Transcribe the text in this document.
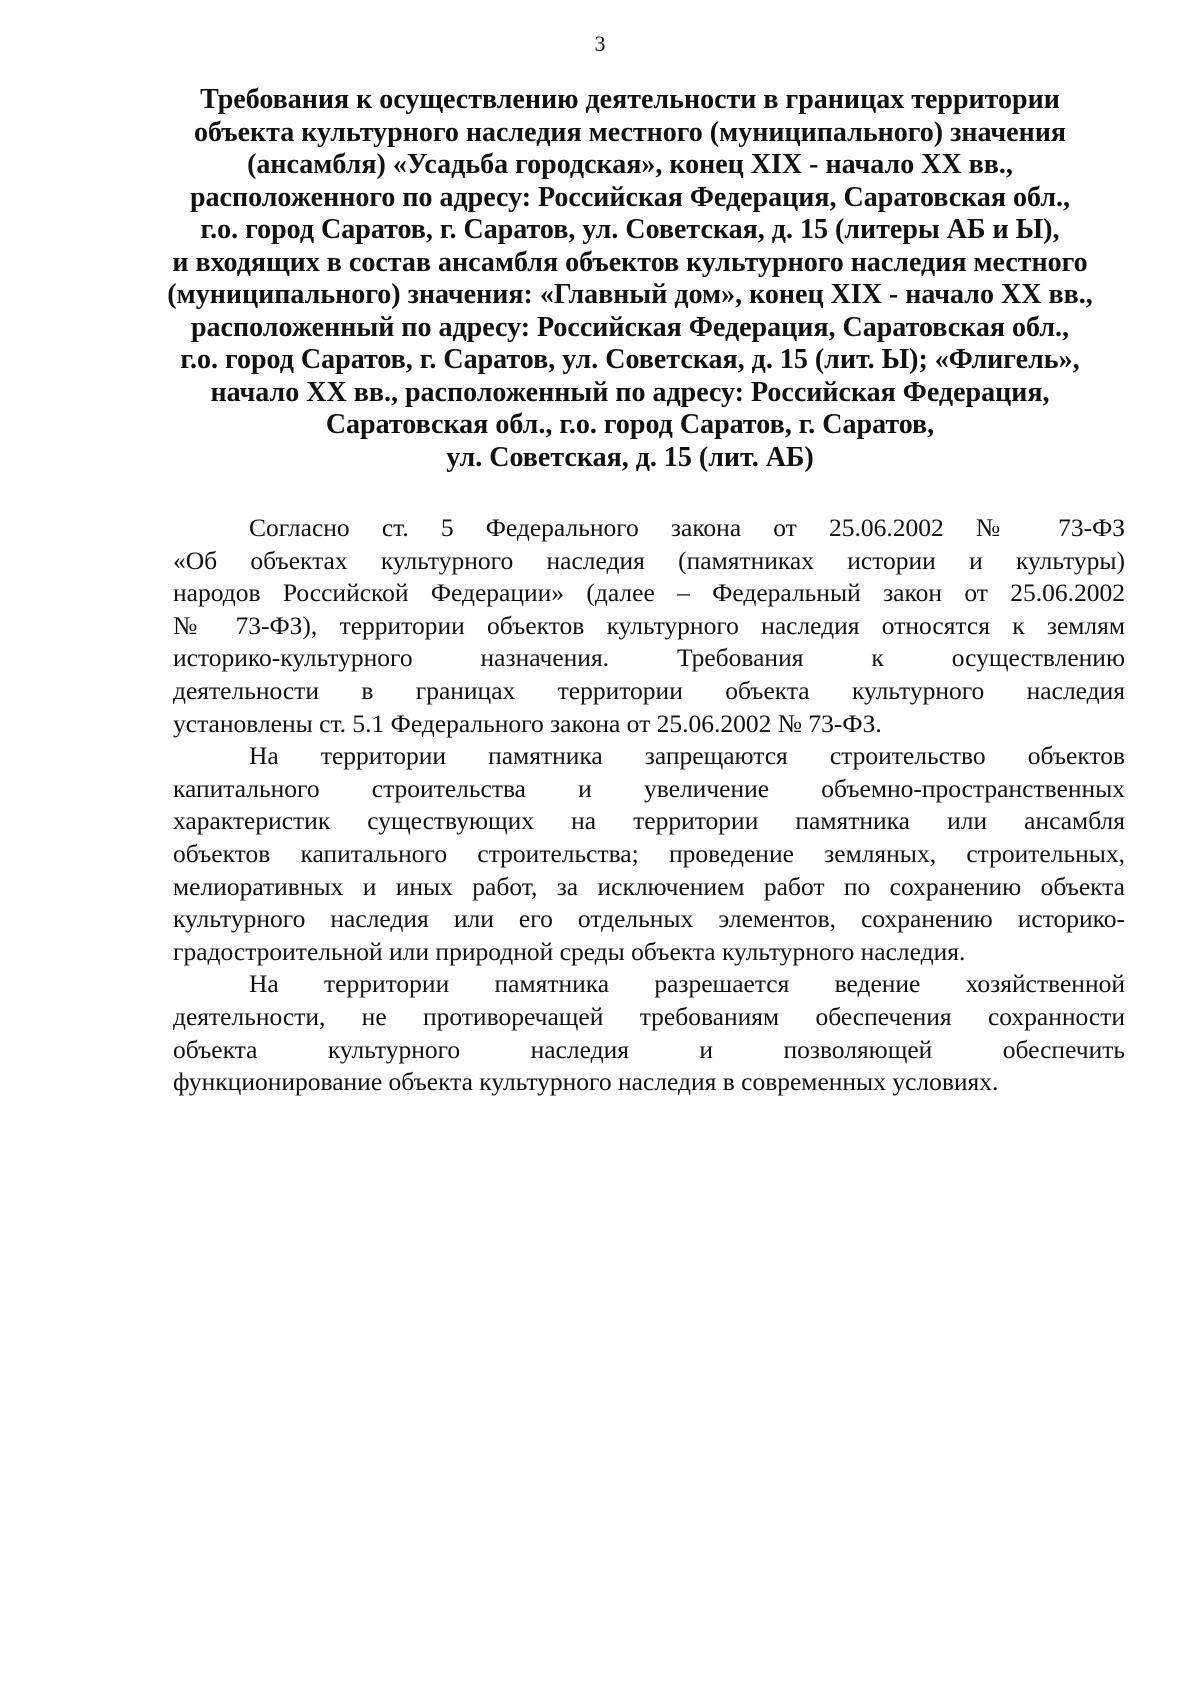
3
Требования к осуществлению деятельности в границах территории
объекта культурного наследия местного (муниципального) значения
(ансамбля) «Усадьба городская», конец XIX - начало XX вв.,
расположенного по адресу: Российская Федерация, Саратовская обл.,
г.о. город Саратов, г. Саратов, ул. Советская, д. 15 (литеры АБ и Ы),
и входящих в состав ансамбля объектов культурного наследия местного
(муниципального) значения: «Главный дом», конец XIX - начало XX вв.,
расположенный по адресу: Российская Федерация, Саратовская обл.,
г.о. город Саратов, г. Саратов, ул. Советская, д. 15 (лит. Ы); «Флигель»,
начало XX вв., расположенный по адресу: Российская Федерация,
Саратовская обл., г.о. город Саратов, г. Саратов,
ул. Советская, д. 15 (лит. АБ)

Согласно ст. 5 Федерального закона от 25.06.2002 № 73-ФЗ
«Об объектах культурного наследия (памятниках истории и культуры)
народов Российской Федерации» (далее – Федеральный закон от 25.06.2002
№ 73-ФЗ), территории объектов культурного наследия относятся к землям
историко-культурного назначения. Требования к осуществлению
деятельности в границах территории объекта культурного наследия
установлены ст. 5.1 Федерального закона от 25.06.2002 № 73-ФЗ.

На территории памятника запрещаются строительство объектов
капитального строительства и увеличение объемно-пространственных
характеристик существующих на территории памятника или ансамбля
объектов капитального строительства; проведение земляных, строительных,
мелиоративных и иных работ, за исключением работ по сохранению объекта
культурного наследия или его отдельных элементов, сохранению историко-
градостроительной или природной среды объекта культурного наследия.

На территории памятника разрешается ведение хозяйственной
деятельности, не противоречащей требованиям обеспечения сохранности
объекта культурного наследия и позволяющей обеспечить
функционирование объекта культурного наследия в современных условиях.
